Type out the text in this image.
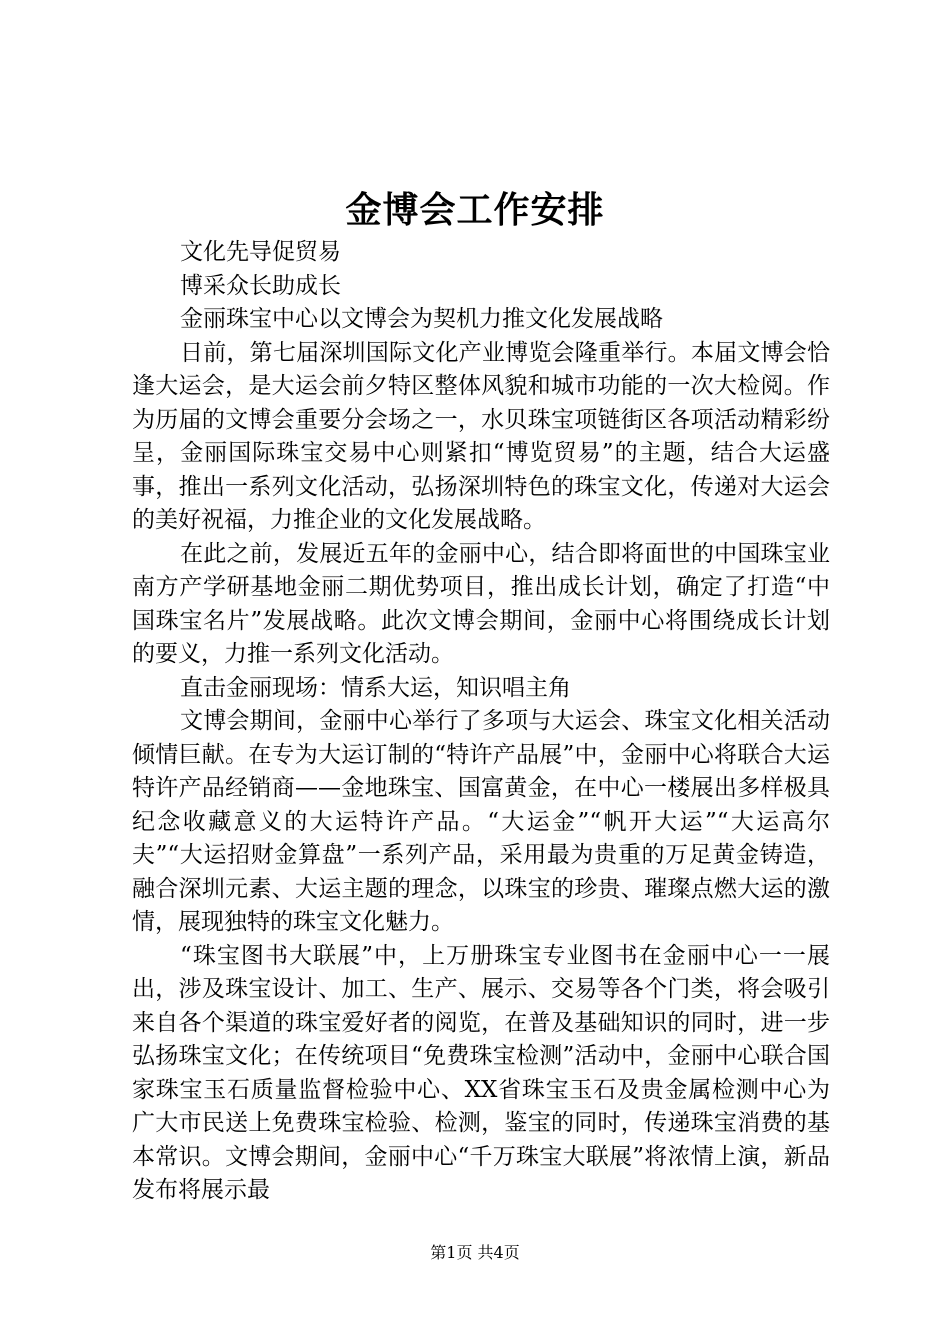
金博会工作安排

文化先导促贸易

博采众长助成长

金丽珠宝中心以文博会为契机力推文化发展战略

日前，第七届深圳国际文化产业博览会隆重举行。本届文博会恰逢大运会，是大运会前夕特区整体风貌和城市功能的一次大检阅。作为历届的文博会重要分会场之一，水贝珠宝项链街区各项活动精彩纷呈，金丽国际珠宝交易中心则紧扣“博览贸易”的主题，结合大运盛事，推出一系列文化活动，弘扬深圳特色的珠宝文化，传递对大运会的美好祝福，力推企业的文化发展战略。

在此之前，发展近五年的金丽中心，结合即将面世的中国珠宝业南方产学研基地金丽二期优势项目，推出成长计划，确定了打造“中国珠宝名片”发展战略。此次文博会期间，金丽中心将围绕成长计划的要义，力推一系列文化活动。

直击金丽现场：情系大运，知识唱主角

文博会期间，金丽中心举行了多项与大运会、珠宝文化相关活动倾情巨献。在专为大运订制的“特许产品展”中，金丽中心将联合大运特许产品经销商——金地珠宝、国富黄金，在中心一楼展出多样极具纪念收藏意义的大运特许产品。“大运金”“帆开大运”“大运高尔夫”“大运招财金算盘”一系列产品，采用最为贵重的万足黄金铸造，融合深圳元素、大运主题的理念，以珠宝的珍贵、璀璨点燃大运的激情，展现独特的珠宝文化魅力。

“珠宝图书大联展”中，上万册珠宝专业图书在金丽中心一一展出，涉及珠宝设计、加工、生产、展示、交易等各个门类，将会吸引来自各个渠道的珠宝爱好者的阅览，在普及基础知识的同时，进一步弘扬珠宝文化；在传统项目“免费珠宝检测”活动中，金丽中心联合国家珠宝玉石质量监督检验中心、XX省珠宝玉石及贵金属检测中心为广大市民送上免费珠宝检验、检测，鉴宝的同时，传递珠宝消费的基本常识。文博会期间，金丽中心“千万珠宝大联展”将浓情上演，新品发布将展示最

第1页 共4页
